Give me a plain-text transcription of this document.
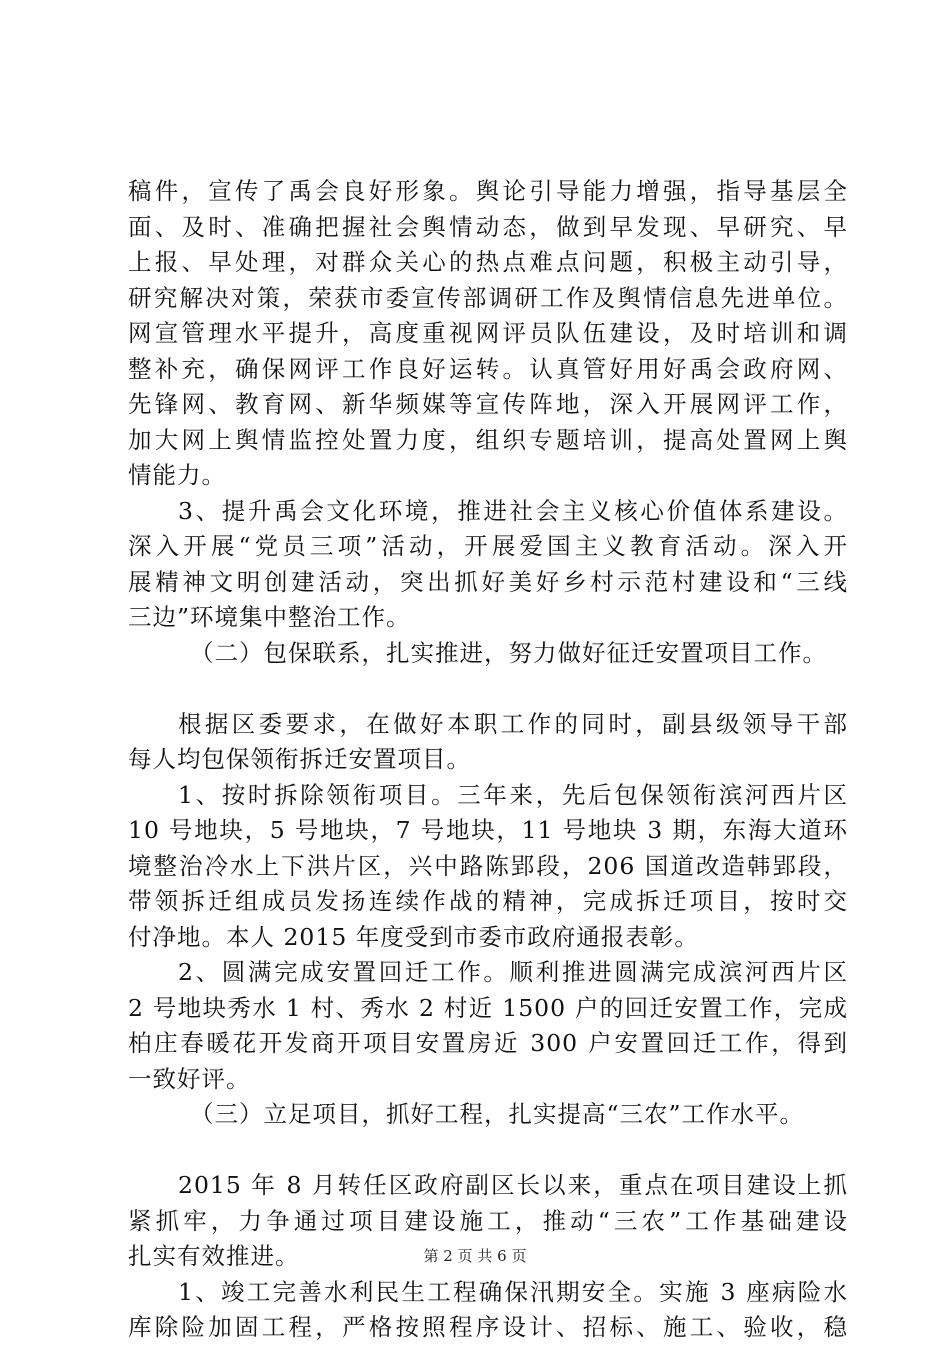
稿件，宣传了禹会良好形象。舆论引导能力增强，指导基层全
面、及时、准确把握社会舆情动态，做到早发现、早研究、早
上报、早处理，对群众关心的热点难点问题，积极主动引导，
研究解决对策，荣获市委宣传部调研工作及舆情信息先进单位。
网宣管理水平提升，高度重视网评员队伍建设，及时培训和调
整补充，确保网评工作良好运转。认真管好用好禹会政府网、
先锋网、教育网、新华频媒等宣传阵地，深入开展网评工作，
加大网上舆情监控处置力度，组织专题培训，提高处置网上舆
情能力。
3、提升禹会文化环境，推进社会主义核心价值体系建设。
深入开展“党员三项”活动，开展爱国主义教育活动。深入开
展精神文明创建活动，突出抓好美好乡村示范村建设和“三线
三边”环境集中整治工作。
（二）包保联系，扎实推进，努力做好征迁安置项目工作。
根据区委要求，在做好本职工作的同时，副县级领导干部
每人均包保领衔拆迁安置项目。
1、按时拆除领衔项目。三年来，先后包保领衔滨河西片区
10 号地块，5 号地块，7 号地块，11 号地块 3 期，东海大道环
境整治冷水上下洪片区，兴中路陈郢段，206 国道改造韩郢段，
带领拆迁组成员发扬连续作战的精神，完成拆迁项目，按时交
付净地。本人 2015 年度受到市委市政府通报表彰。
2、圆满完成安置回迁工作。顺利推进圆满完成滨河西片区
2 号地块秀水 1 村、秀水 2 村近 1500 户的回迁安置工作，完成
柏庄春暖花开发商开项目安置房近 300 户安置回迁工作，得到
一致好评。
（三）立足项目，抓好工程，扎实提高“三农”工作水平。
2015 年 8 月转任区政府副区长以来，重点在项目建设上抓
紧抓牢，力争通过项目建设施工，推动“三农”工作基础建设
扎实有效推进。
1、竣工完善水利民生工程确保汛期安全。实施 3 座病险水
库除险加固工程，严格按照程序设计、招标、施工、验收，稳
第 2 页 共 6 页
